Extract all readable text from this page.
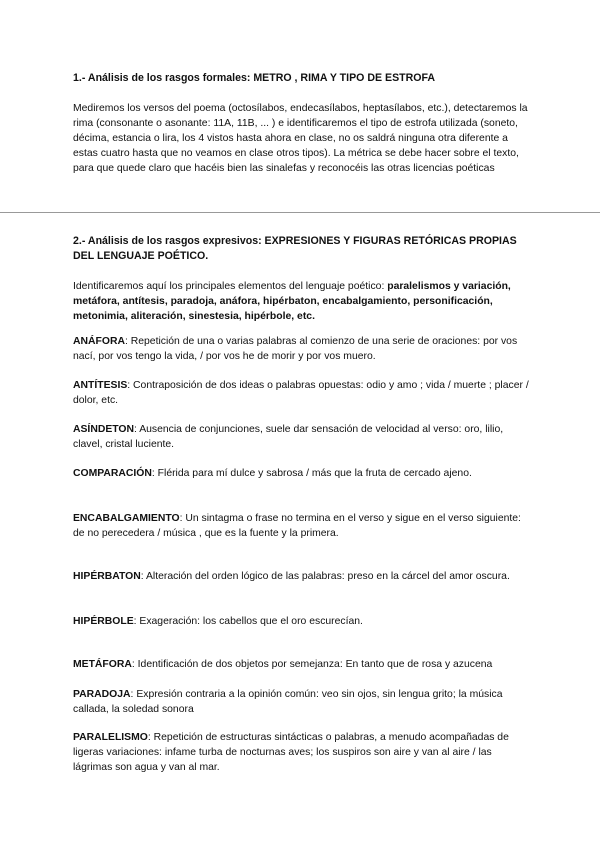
1.- Análisis de los rasgos formales: METRO , RIMA Y TIPO DE ESTROFA

Mediremos los versos del poema (octosílabos, endecasílabos, heptasílabos, etc.), detectaremos la rima (consonante o asonante: 11A, 11B, ... ) e identificaremos el tipo de estrofa utilizada (soneto, décima, estancia o lira, los 4 vistos hasta ahora en clase, no os saldrá ninguna otra diferente a estas cuatro hasta que no veamos en clase otros tipos). La métrica se debe hacer sobre el texto, para que quede claro que hacéis bien las sinalefas y reconocéis las otras licencias poéticas

2.- Análisis de los rasgos expresivos: EXPRESIONES Y FIGURAS RETÓRICAS PROPIAS DEL LENGUAJE POÉTICO.

Identificaremos aquí los principales elementos del lenguaje poético: paralelismos y variación, metáfora, antítesis, paradoja, anáfora, hipérbaton, encabalgamiento, personificación, metonimia, aliteración, sinestesia, hipérbole, etc.

ANÁFORA: Repetición de una o varias palabras al comienzo de una serie de oraciones: por vos nací, por vos tengo la vida, / por vos he de morir y por vos muero.

ANTÍTESIS: Contraposición de dos ideas o palabras opuestas: odio y amo ; vida / muerte ; placer / dolor, etc.

ASÍNDETON: Ausencia de conjunciones, suele dar sensación de velocidad al verso: oro, lilio, clavel, cristal luciente.

COMPARACIÓN: Flérida para mí dulce y sabrosa / más que la fruta de cercado ajeno.

ENCABALGAMIENTO: Un sintagma o frase no termina en el verso y sigue en el verso siguiente: de no perecedera / música , que es la fuente y la primera.

HIPÉRBATON: Alteración del orden lógico de las palabras: preso en la cárcel del amor oscura.

HIPÉRBOLE: Exageración: los cabellos que el oro escurecían.

METÁFORA: Identificación de dos objetos por semejanza: En tanto que de rosa y azucena

PARADOJA: Expresión contraria a la opinión común: veo sin ojos, sin lengua grito; la música callada, la soledad sonora

PARALELISMO: Repetición de estructuras sintácticas o palabras, a menudo acompañadas de ligeras variaciones: infame turba de nocturnas aves; los suspiros son aire y van al aire / las lágrimas son agua y van al mar.
